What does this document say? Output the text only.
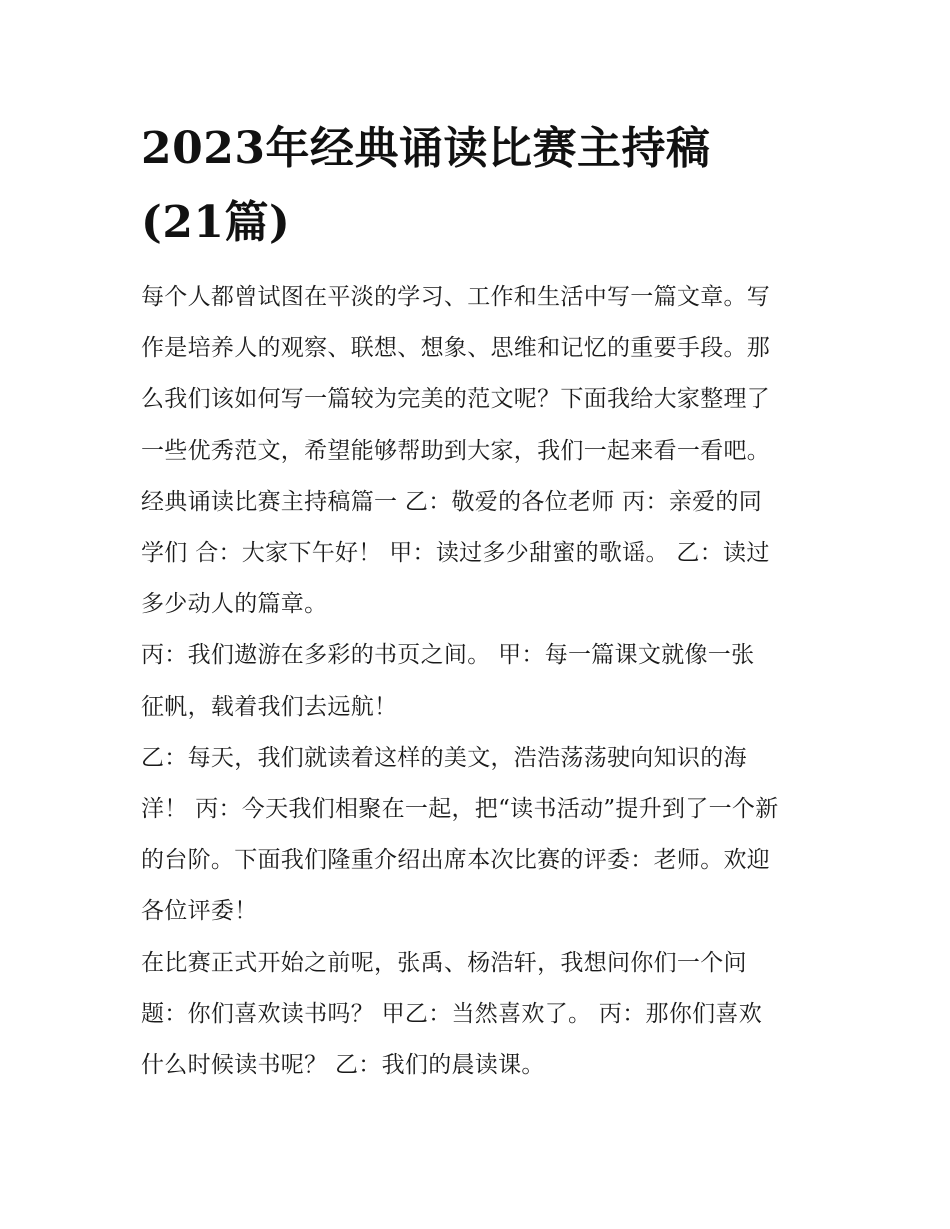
2023年经典诵读比赛主持稿
(21篇)

每个人都曾试图在平淡的学习、工作和生活中写一篇文章。写
作是培养人的观察、联想、想象、思维和记忆的重要手段。那
么我们该如何写一篇较为完美的范文呢？下面我给大家整理了
一些优秀范文，希望能够帮助到大家，我们一起来看一看吧。
经典诵读比赛主持稿篇一 乙：敬爱的各位老师 丙：亲爱的同
学们 合：大家下午好！ 甲：读过多少甜蜜的歌谣。 乙：读过
多少动人的篇章。

丙：我们遨游在多彩的书页之间。 甲：每一篇课文就像一张
征帆，载着我们去远航！

乙：每天，我们就读着这样的美文，浩浩荡荡驶向知识的海
洋！ 丙：今天我们相聚在一起，把“读书活动”提升到了一个新
的台阶。下面我们隆重介绍出席本次比赛的评委：老师。欢迎
各位评委！

在比赛正式开始之前呢，张禹、杨浩轩，我想问你们一个问
题：你们喜欢读书吗？ 甲乙：当然喜欢了。 丙：那你们喜欢
什么时候读书呢？ 乙：我们的晨读课。
